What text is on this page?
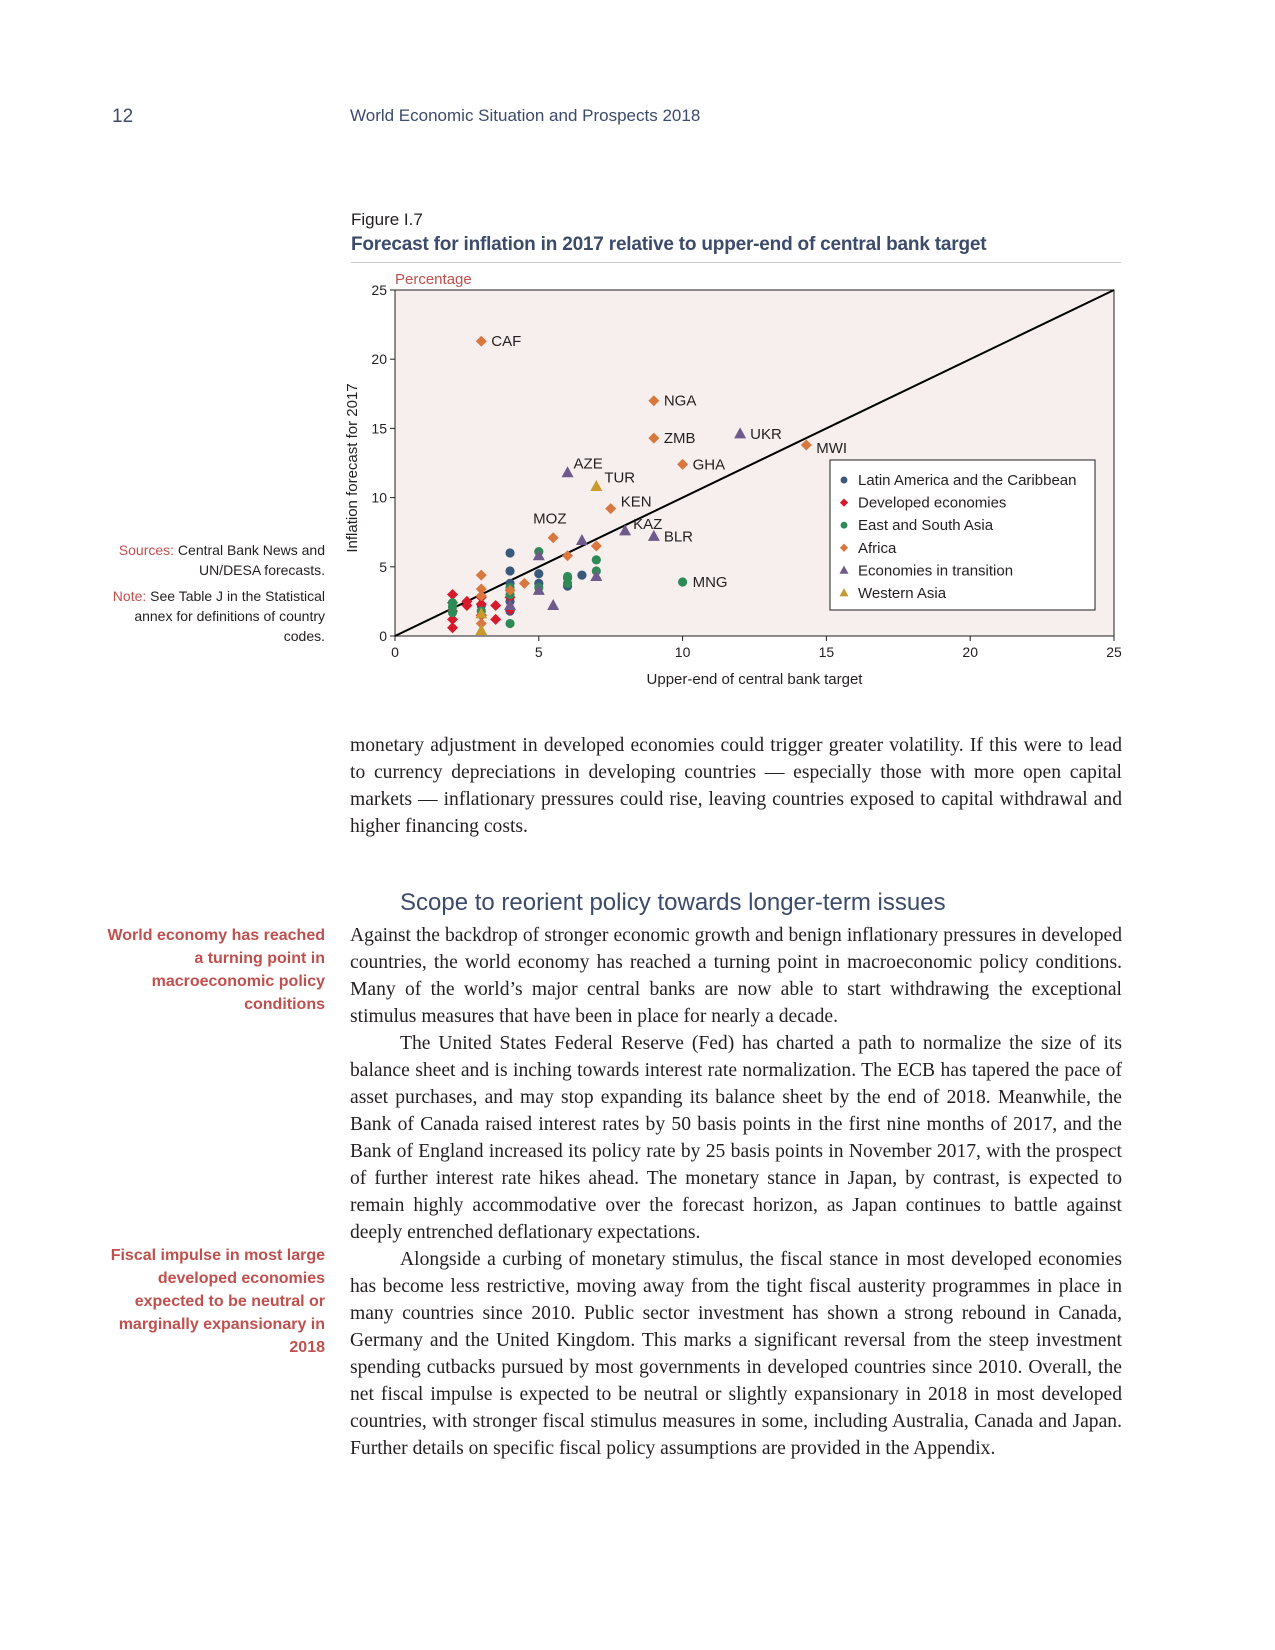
12	World Economic Situation and Prospects 2018
Figure I.7
Forecast for inflation in 2017 relative to upper-end of central bank target
0	5	10	15	20	25
0
5
10
15
20
25
MNG
CAF
MOZ
NGA
ZMB
GHA
MWI
AZE
KAZ
BLR
UKR
TUR
KEN
Percentage
Upper-end of central bank target
Inflation forecast for 2017	Latin America and the Caribbean
Developed economies
East and South Asia
Africa
Economies in transition
Western Asia
Sources: Central Bank News and UN/DESA forecasts.
Note: See Table J in the Statistical annex for definitions of country codes.
World economy has reached a turning point in macroeconomic policy conditions
Fiscal impulse in most large developed economies expected to be neutral or marginally expansionary in 2018

monetary adjustment in developed economies could trigger greater volatility. If this were to lead to currency depreciations in developing countries — especially those with more open capital markets — inflationary pressures could rise, leaving countries exposed to capital withdrawal and higher financing costs.

Scope to reorient policy towards longer-term issues

Against the backdrop of stronger economic growth and benign inflationary pressures in developed countries, the world economy has reached a turning point in macroeconomic policy conditions. Many of the world’s major central banks are now able to start withdrawing the exceptional stimulus measures that have been in place for nearly a decade.

The United States Federal Reserve (Fed) has charted a path to normalize the size of its balance sheet and is inching towards interest rate normalization. The ECB has tapered the pace of asset purchases, and may stop expanding its balance sheet by the end of 2018. Meanwhile, the Bank of Canada raised interest rates by 50 basis points in the first nine months of 2017, and the Bank of England increased its policy rate by 25 basis points in November 2017, with the prospect of further interest rate hikes ahead. The monetary stance in Japan, by contrast, is expected to remain highly accommodative over the forecast horizon, as Japan continues to battle against deeply entrenched deflationary expectations.

Alongside a curbing of monetary stimulus, the fiscal stance in most developed economies has become less restrictive, moving away from the tight fiscal austerity programmes in place in many countries since 2010. Public sector investment has shown a strong rebound in Canada, Germany and the United Kingdom. This marks a significant reversal from the steep investment spending cutbacks pursued by most governments in developed countries since 2010. Overall, the net fiscal impulse is expected to be neutral or slightly expansionary in 2018 in most developed countries, with stronger fiscal stimulus measures in some, including Australia, Canada and Japan. Further details on specific fiscal policy assumptions are provided in the Appendix.
